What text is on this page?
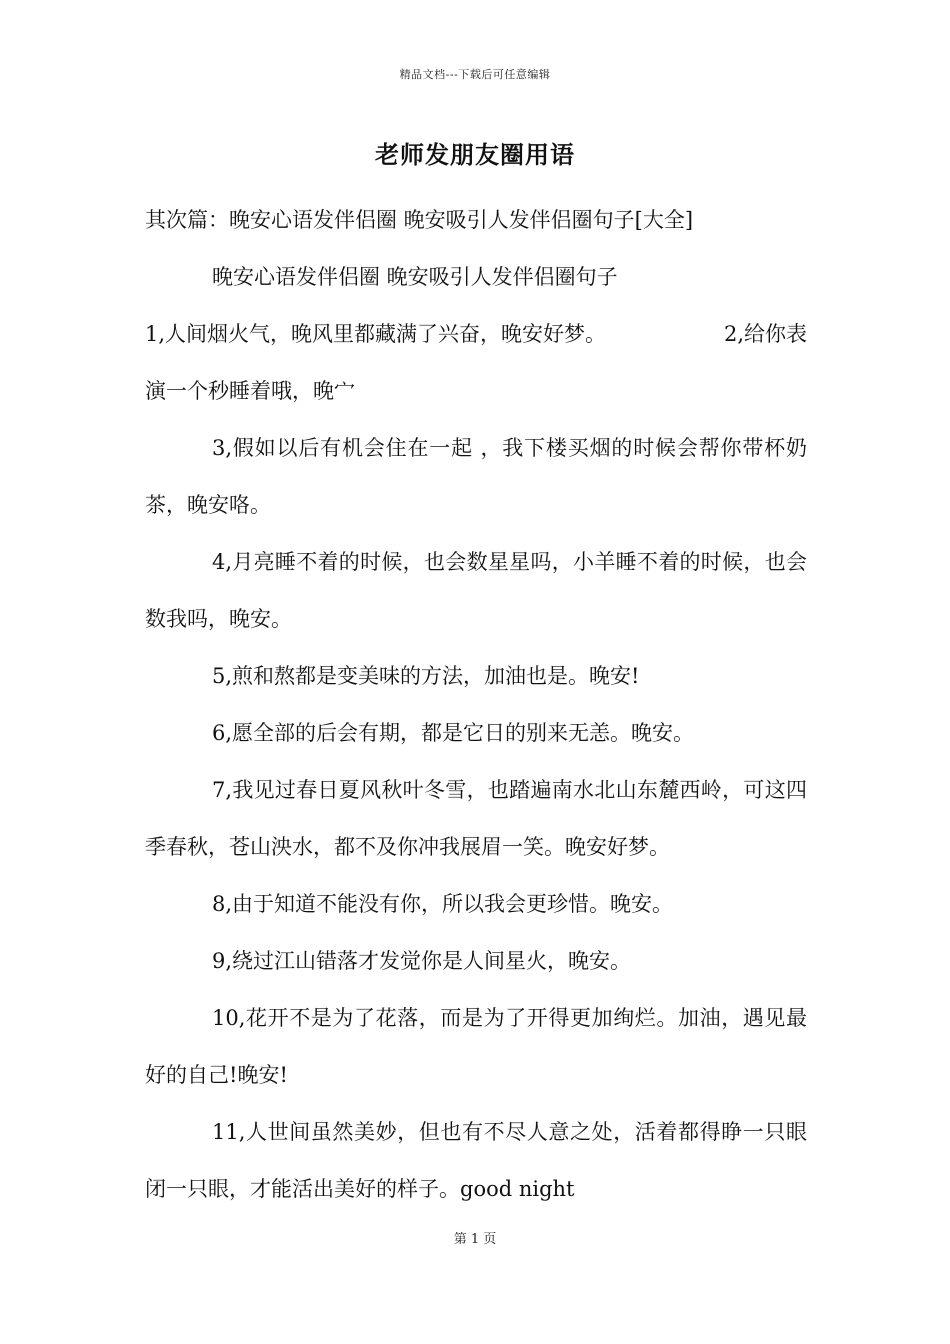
精品文档---下载后可任意编辑
老师发朋友圈用语
其次篇：晚安心语发伴侣圈 晚安吸引人发伴侣圈句子[大全]
晚安心语发伴侣圈 晚安吸引人发伴侣圈句子
1,人间烟火气，晚风里都藏满了兴奋，晚安好梦。	2,给你表
演一个秒睡着哦，晚宀

3,假如以后有机会住在一起 ，我下楼买烟的时候会帮你带杯奶茶，晚安咯。

4,月亮睡不着的时候，也会数星星吗，小羊睡不着的时候，也会数我吗，晚安。

5,煎和熬都是变美味的方法，加油也是。晚安!

6,愿全部的后会有期，都是它日的别来无恙。晚安。

7,我见过春日夏风秋叶冬雪，也踏遍南水北山东麓西岭，可这四季春秋，苍山泱水，都不及你冲我展眉一笑。晚安好梦。

8,由于知道不能没有你，所以我会更珍惜。晚安。

9,绕过江山错落才发觉你是人间星火，晚安。

10,花开不是为了花落，而是为了开得更加绚烂。加油，遇见最好的自己!晚安!

11,人世间虽然美妙，但也有不尽人意之处，活着都得睁一只眼闭一只眼，才能活出美好的样子。good night

第 1 页
